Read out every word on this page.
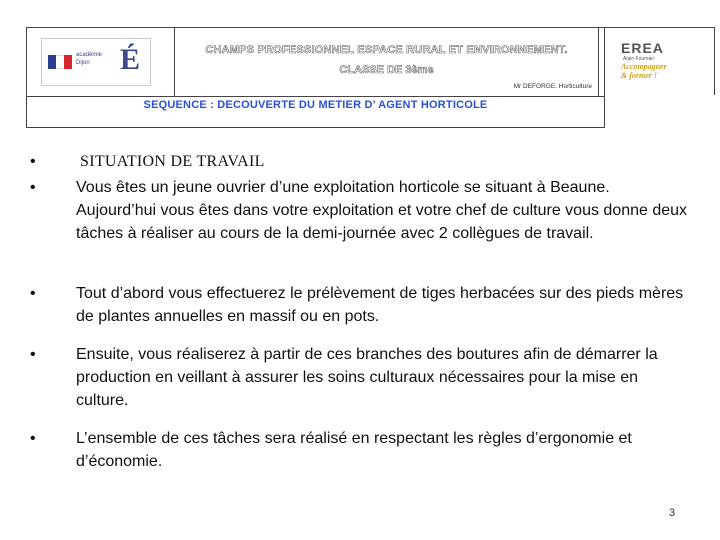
académie
Dijon	É	CHAMPS PROFESSIONNEL ESPACE RURAL ET ENVIRONNEMENT.
CLASSE DE 3ème
Mr DEFORGE. Horticulture
SEQUENCE : DECOUVERTE DU METIER D’ AGENT HORTICOLE
EREA
Alain Fournier
Accompagner
& former !
•	SITUATION DE TRAVAIL
•	Vous êtes un jeune ouvrier d’une exploitation horticole se situant à Beaune. Aujourd’hui vous êtes dans votre exploitation et votre chef de culture vous donne deux tâches à réaliser au cours de la demi-journée avec 2 collègues de travail.
•	Tout d’abord vous effectuerez le prélèvement de tiges herbacées sur des pieds mères de plantes annuelles en massif ou en pots.
•	Ensuite, vous réaliserez à partir de ces branches des boutures afin de démarrer la production en veillant à assurer les soins culturaux nécessaires pour la mise en culture.
•	L’ensemble de ces tâches sera réalisé en respectant les règles d’ergonomie et d’économie.
3
